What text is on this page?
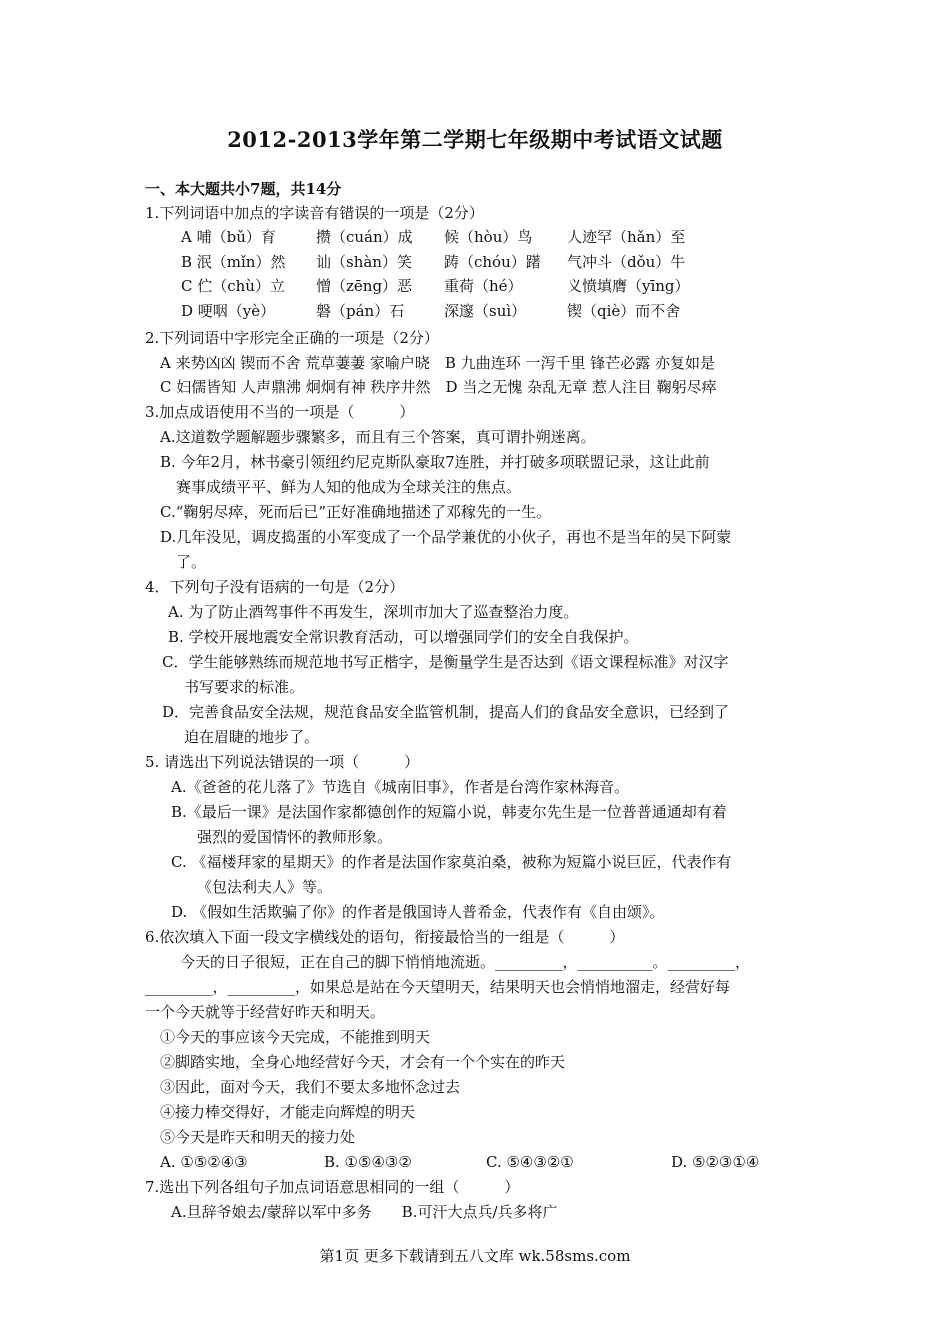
2012-2013学年第二学期七年级期中考试语文试题
一、本大题共小7题，共14分
1.下列词语中加点的字读音有错误的一项是（2分）
A 哺（bǔ）育	攒（cuán）成 候（hòu）鸟 人迹罕（hǎn）至
B 泯（mǐn）然 讪（shàn）笑 踌（chóu）躇 气冲斗（dǒu）牛
C 伫（chù）立 憎（zēng）恶 重荷（hé）	义愤填膺（yīng）
D 哽咽（yè）	磐（pán）石	深邃（suì）	锲（qiè）而不舍
2.下列词语中字形完全正确的一项是（2分）
A 来势凶凶 锲而不舍 荒草萋萋 家喻户晓　B 九曲连环 一泻千里 锋芒必露 亦复如是
C 妇儒皆知 人声鼎沸 炯炯有神 秩序井然　D 当之无愧 杂乱无章 惹人注目 鞠躬尽瘁
3.加点成语使用不当的一项是（　　　）
A.这道数学题解题步骤繁多，而且有三个答案，真可谓扑朔迷离。
B. 今年2月，林书豪引领纽约尼克斯队豪取7连胜，并打破多项联盟记录，这让此前
赛事成绩平平、鲜为人知的他成为全球关注的焦点。
C.“鞠躬尽瘁，死而后已”正好准确地描述了邓稼先的一生。
D.几年没见，调皮捣蛋的小军变成了一个品学兼优的小伙子，再也不是当年的吴下阿蒙
了。
4．下列句子没有语病的一句是（2分）
A. 为了防止酒驾事件不再发生，深圳市加大了巡查整治力度。
B. 学校开展地震安全常识教育活动，可以增强同学们的安全自我保护。
C．学生能够熟练而规范地书写正楷字，是衡量学生是否达到《语文课程标准》对汉字
书写要求的标准。
D．完善食品安全法规，规范食品安全监管机制，提高人们的食品安全意识，已经到了
迫在眉睫的地步了。
5. 请选出下列说法错误的一项（　　　）
A.《爸爸的花儿落了》节选自《城南旧事》，作者是台湾作家林海音。
B.《最后一课》是法国作家都德创作的短篇小说，韩麦尔先生是一位普普通通却有着
强烈的爱国情怀的教师形象。
C. 《福楼拜家的星期天》的作者是法国作家莫泊桑，被称为短篇小说巨匠，代表作有
《包法利夫人》等。
D. 《假如生活欺骗了你》的作者是俄国诗人普希金，代表作有《自由颂》。
6.依次填入下面一段文字横线处的语句，衔接最恰当的一组是（　　　）
今天的日子很短，正在自己的脚下悄悄地流逝。_________，__________。_________，
_________，_________，如果总是站在今天望明天，结果明天也会悄悄地溜走，经营好每
一个今天就等于经营好昨天和明天。
①今天的事应该今天完成，不能推到明天
②脚踏实地，全身心地经营好今天，才会有一个个实在的昨天
③因此，面对今天，我们不要太多地怀念过去
④接力棒交得好，才能走向辉煌的明天
⑤今天是昨天和明天的接力处
A. ①⑤②④③	B. ①⑤④③②	C. ⑤④③②①	D. ⑤②③①④
7.选出下列各组句子加点词语意思相同的一组（　　　）
A.旦辞爷娘去/蒙辞以军中多务　　B.可汗大点兵/兵多将广
第1页 更多下载请到五八文库 wk.58sms.com
